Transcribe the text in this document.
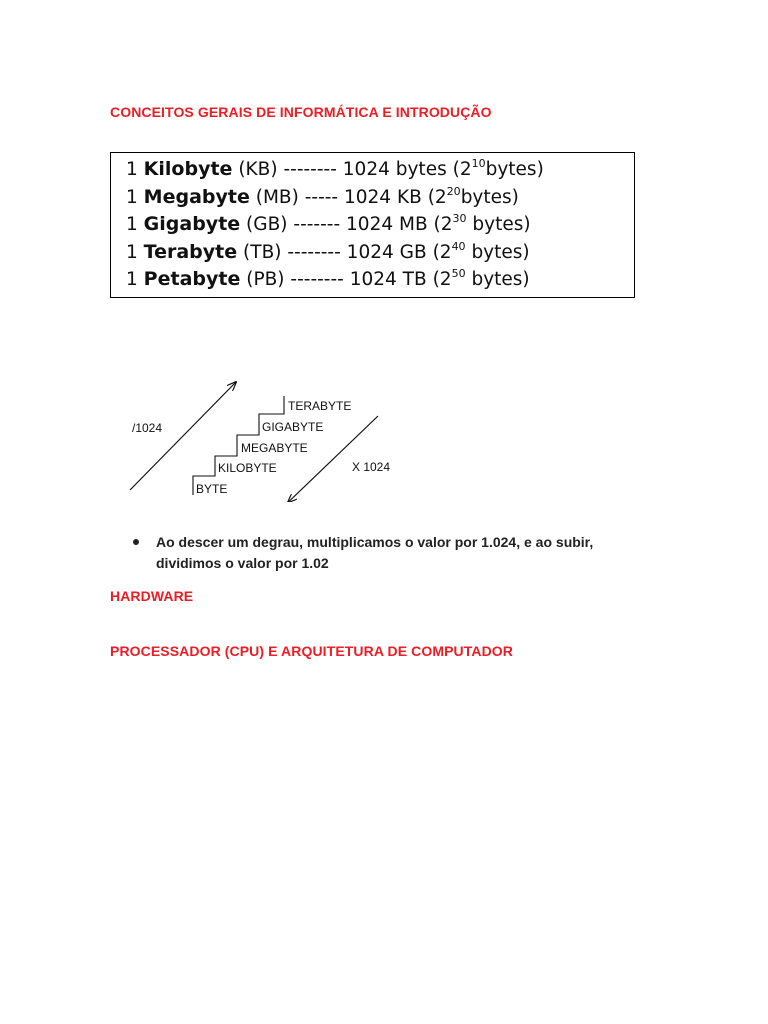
CONCEITOS GERAIS DE INFORMÁTICA E INTRODUÇÃO
1 Kilobyte (KB) -------- 1024 bytes $(2^{10}bytes)$
1 Megabyte (MB) ----- 1024 KB $(2^{20}bytes)$
1 Gigabyte (GB) ------- 1024 MB ($2^{30}$ bytes)
1 Terabyte (TB) -------- 1024 GB ($2^{40}$ bytes)
1 Petabyte (PB) -------- 1024 TB ($2^{50}$ bytes)
/1024
X 1024
BYTE
KILOBYTE
MEGABYTE
GIGABYTE
TERABYTE
Ao descer um degrau, multiplicamos o valor por 1.024, e ao subir, dividimos o valor por 1.02
HARDWARE
PROCESSADOR (CPU) E ARQUITETURA DE COMPUTADOR
